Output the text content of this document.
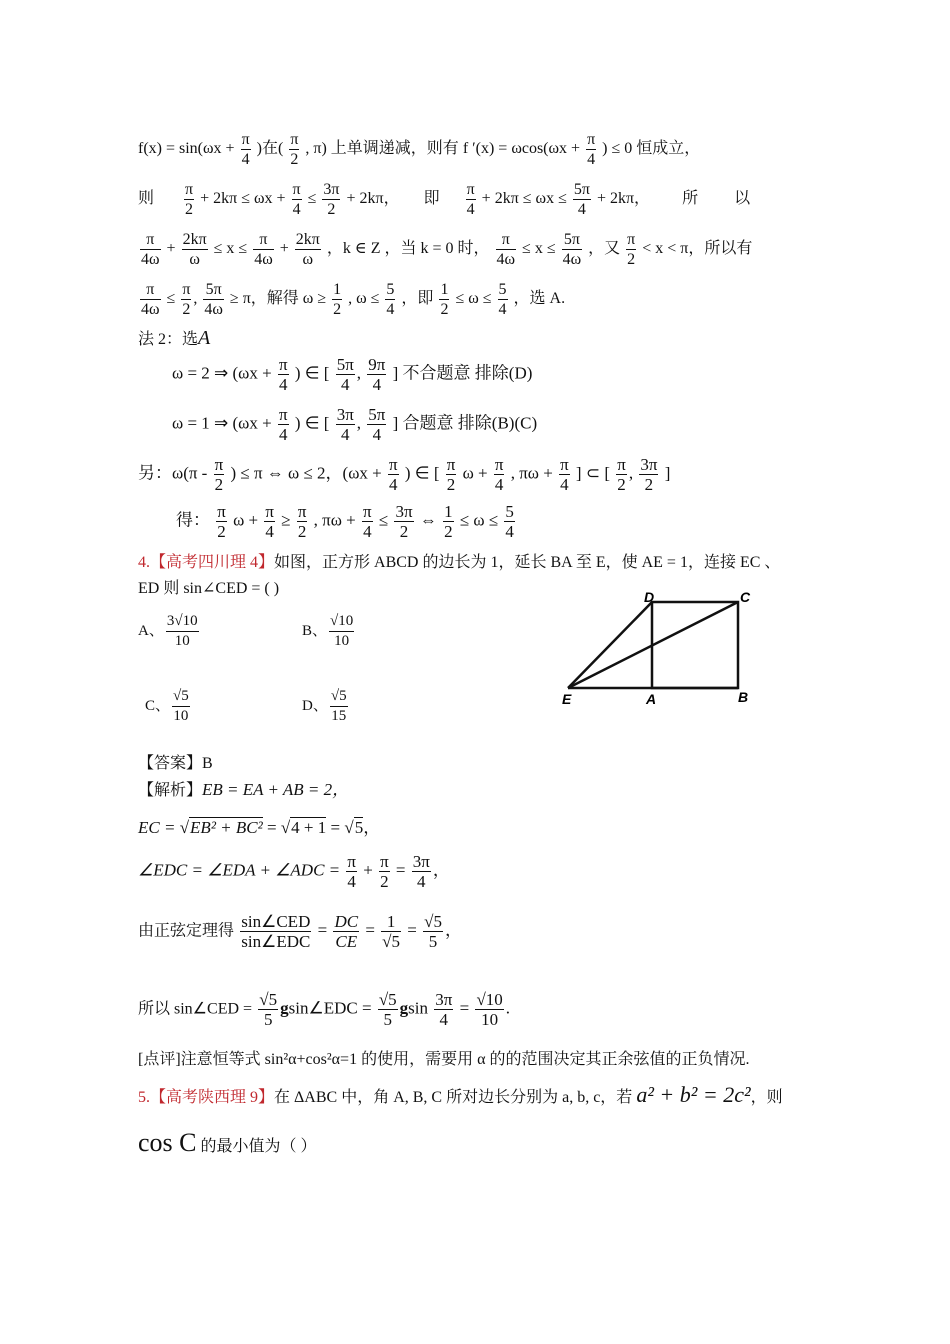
$f(x) = \sin(\omega x + \frac{\pi}{4}$ )在( $\frac{\pi}{2}$ , π) 上单调递减，则有 f $'(x) = \omega\cos(\omega x + \frac{\pi}{4}$ ) ≤ 0 恒成立，
则 $\frac{\pi}{2} + 2k\pi \le \omega x + \frac{\pi}{4} \le \frac{3\pi}{2} + 2k\pi$， 即 $\frac{\pi}{4} + 2k\pi \le \omega x \le \frac{5\pi}{4} + 2k\pi$， 所 以
$\frac{\pi}{4\omega} + \frac{2k\pi}{\omega} \le x \le \frac{\pi}{4\omega} + \frac{2k\pi}{\omega}$ ，k ∈ Z ，当 k = 0 时， $\frac{\pi}{4\omega} \le x \le \frac{5\pi}{4\omega}$ ，又 $\frac{\pi}{2} < x < \pi$，所以有
$\frac{\pi}{4\omega} \le \frac{\pi}{2}$ , $\frac{5\pi}{4\omega} \ge \pi$，解得 $\omega \ge \frac{1}{2}$ , $\omega \le \frac{5}{4}$ ，即 $\frac{1}{2} \le \omega \le \frac{5}{4}$ ，选 A.
法 2：选A
ω = 2 ⇒ ($\omega x + \frac{\pi}{4}$ ) ∈ [ $\frac{5\pi}{4}$ , $\frac{9\pi}{4}$ ] 不合题意 排除(D)
ω = 1 ⇒ ($\omega x + \frac{\pi}{4}$ ) ∈ [ $\frac{3\pi}{4}$ , $\frac{5\pi}{4}$ ] 合题意 排除(B)(C)
另：$\omega(\pi - \frac{\pi}{2}$ ) ≤ π ⇔ ω ≤ 2，($\omega x + \frac{\pi}{4}$ ) ∈ [ $\frac{\pi}{2}$ $\omega + \frac{\pi}{4}$ , $\pi\omega + \frac{\pi}{4}$ ] ⊂ [ $\frac{\pi}{2}$ , $\frac{3\pi}{2}$ ]
得： $\frac{\pi}{2}$ $\omega + \frac{\pi}{4} \ge \frac{\pi}{2}$ , $\pi\omega + \frac{\pi}{4} \le \frac{3\pi}{2}$ ⇔ $\frac{1}{2} \le \omega \le \frac{5}{4}$
4.【高考四川理 4】如图，正方形 ABCD 的边长为 1，延长 BA 至 E，使 AE = 1，连接 EC 、
ED 则 sin∠CED = ( )
A、 $\frac{3√10}{10}$	B、 $\frac{√10}{10}$
C、 $\frac{√5}{10}$	D、 $\frac{√5}{15}$
D	C
E	A	B
【答案】B
【解析】EB = EA + AB = 2，
EC = √EB² + BC² = √4 + 1 = √5，
∠EDC = ∠EDA + ∠ADC = $\frac{\pi}{4} + \frac{\pi}{2} = \frac{3\pi}{4}$ ，
由正弦定理得 $\frac{\text{sin∠CED}}{\text{sin∠EDC}} = \frac{DC}{CE} = \frac{1}{√5} = \frac{√5}{5}$ ，
所以 sin∠CED = $\frac{√5}{5}$ gsin∠EDC = $\frac{√5}{5}$ gsin $\frac{3\pi}{4} = \frac{√10}{10}$ .
[点评]注意恒等式 sin²α+cos²α=1 的使用，需要用 α 的的范围决定其正余弦值的正负情况.
5.【高考陕西理 9】在 ΔABC 中，角 A, B, C 所对边长分别为 a, b, c，若 a² + b² = 2c²，则
cos C 的最小值为（ ）
